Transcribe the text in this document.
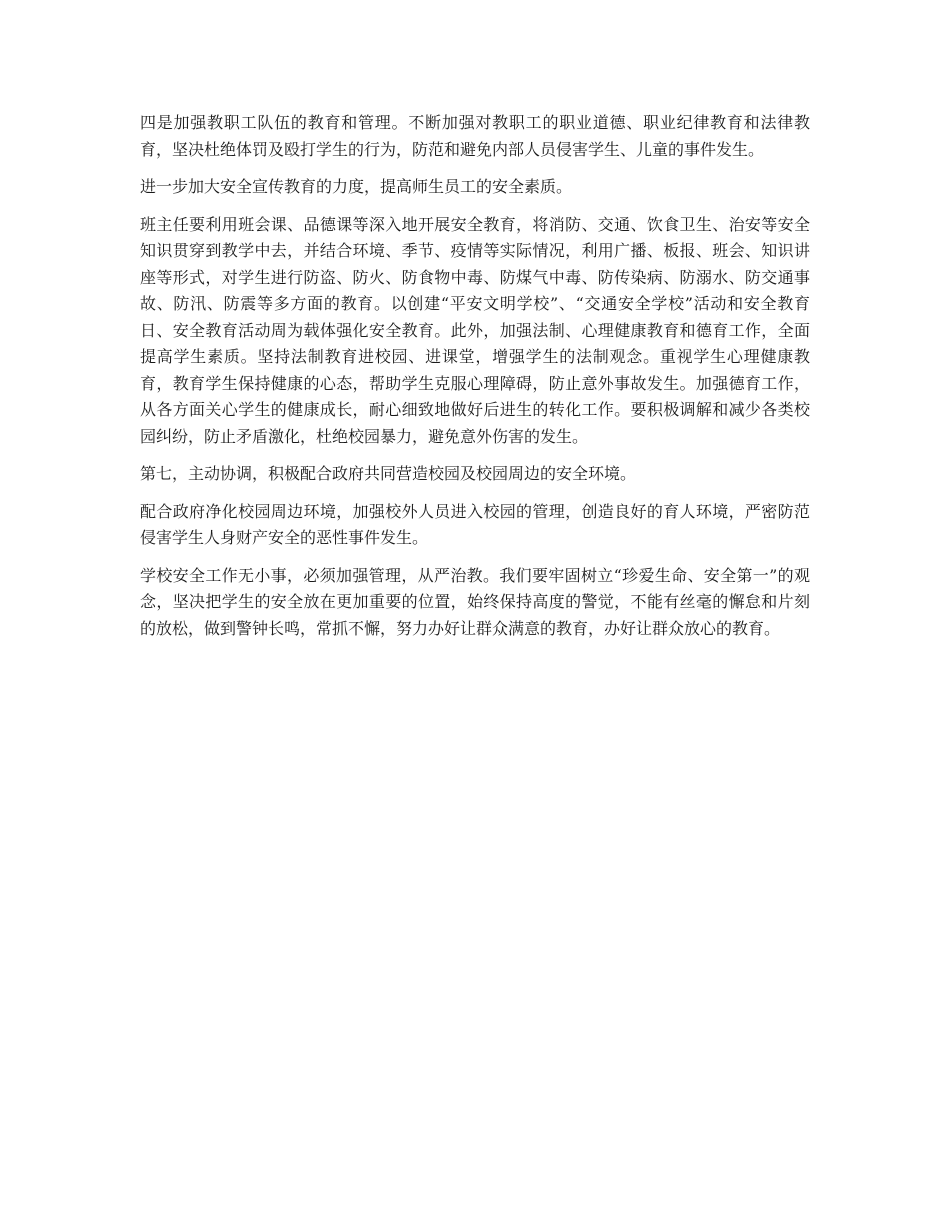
四是加强教职工队伍的教育和管理。不断加强对教职工的职业道德、职业纪律教育和法律教育，坚决杜绝体罚及殴打学生的行为，防范和避免内部人员侵害学生、儿童的事件发生。

进一步加大安全宣传教育的力度，提高师生员工的安全素质。

班主任要利用班会课、品德课等深入地开展安全教育，将消防、交通、饮食卫生、治安等安全知识贯穿到教学中去，并结合环境、季节、疫情等实际情况，利用广播、板报、班会、知识讲座等形式，对学生进行防盗、防火、防食物中毒、防煤气中毒、防传染病、防溺水、防交通事故、防汛、防震等多方面的教育。以创建“平安文明学校”、“交通安全学校”活动和安全教育日、安全教育活动周为载体强化安全教育。此外，加强法制、心理健康教育和德育工作，全面提高学生素质。坚持法制教育进校园、进课堂，增强学生的法制观念。重视学生心理健康教育，教育学生保持健康的心态，帮助学生克服心理障碍，防止意外事故发生。加强德育工作，从各方面关心学生的健康成长，耐心细致地做好后进生的转化工作。要积极调解和减少各类校园纠纷，防止矛盾激化，杜绝校园暴力，避免意外伤害的发生。

第七，主动协调，积极配合政府共同营造校园及校园周边的安全环境。

配合政府净化校园周边环境，加强校外人员进入校园的管理，创造良好的育人环境，严密防范侵害学生人身财产安全的恶性事件发生。

学校安全工作无小事，必须加强管理，从严治教。我们要牢固树立“珍爱生命、安全第一”的观念，坚决把学生的安全放在更加重要的位置，始终保持高度的警觉，不能有丝毫的懈怠和片刻的放松，做到警钟长鸣，常抓不懈，努力办好让群众满意的教育，办好让群众放心的教育。
